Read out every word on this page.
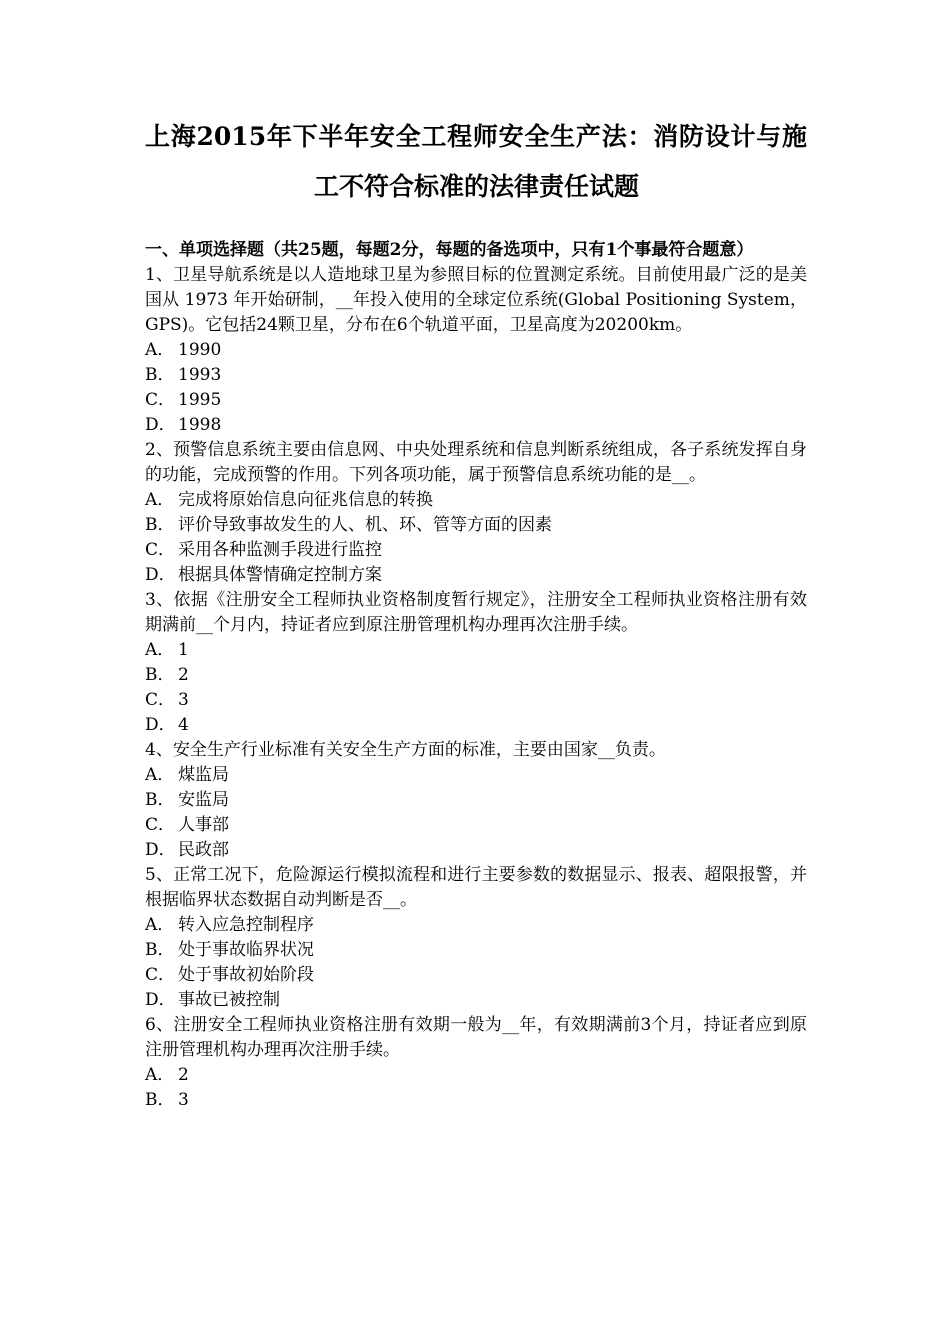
上海2015年下半年安全工程师安全生产法：消防设计与施
工不符合标准的法律责任试题

一、单项选择题（共25题，每题2分，每题的备选项中，只有1个事最符合题意）

1、卫星导航系统是以人造地球卫星为参照目标的位置测定系统。目前使用最广泛的是美国从 1973 年开始研制，__年投入使用的全球定位系统(Global Positioning System，GPS)。它包括24颗卫星，分布在6个轨道平面，卫星高度为20200km。

A． 1990

B． 1993

C． 1995

D． 1998

2、预警信息系统主要由信息网、中央处理系统和信息判断系统组成，各子系统发挥自身的功能，完成预警的作用。下列各项功能，属于预警信息系统功能的是__。

A． 完成将原始信息向征兆信息的转换

B． 评价导致事故发生的人、机、环、管等方面的因素

C． 采用各种监测手段进行监控

D． 根据具体警情确定控制方案

3、依据《注册安全工程师执业资格制度暂行规定》，注册安全工程师执业资格注册有效期满前__个月内，持证者应到原注册管理机构办理再次注册手续。

A． 1

B． 2

C． 3

D． 4

4、安全生产行业标准有关安全生产方面的标准，主要由国家__负责。

A． 煤监局

B． 安监局

C． 人事部

D． 民政部

5、正常工况下，危险源运行模拟流程和进行主要参数的数据显示、报表、超限报警，并根据临界状态数据自动判断是否__。

A． 转入应急控制程序

B． 处于事故临界状况

C． 处于事故初始阶段

D． 事故已被控制

6、注册安全工程师执业资格注册有效期一般为__年，有效期满前3个月，持证者应到原注册管理机构办理再次注册手续。

A． 2

B． 3
